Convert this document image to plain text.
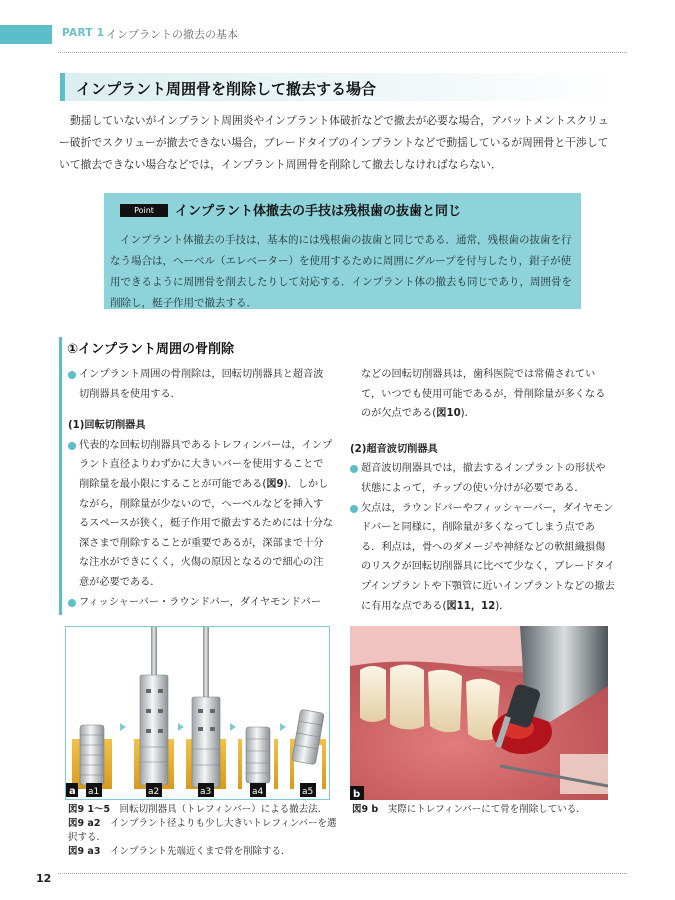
PART 1 インプラントの撤去の基本
インプラント周囲骨を削除して撤去する場合

動揺していないがインプラント周囲炎やインプラント体破折などで撤去が必要な場合，アバットメントスクリュー破折でスクリューが撤去できない場合，ブレードタイプのインプラントなどで動揺しているが周囲骨と干渉していて撤去できない場合などでは，インプラント周囲骨を削除して撤去しなければならない．

Point	インプラント体撤去の手技は残根歯の抜歯と同じ

インプラント体撤去の手技は，基本的には残根歯の抜歯と同じである．通常，残根歯の抜歯を行なう場合は，へーベル（エレベーター）を使用するために周囲にグループを付与したり，鉗子が使用できるように周囲骨を削去したりして対応する．インプラント体の撤去も同じであり，周囲骨を削除し，梃子作用で撤去する．

①インプラント周囲の骨削除
インプラント周囲の骨削除は，回転切削器具と超音波切削器具を使用する．
(1)回転切削器具
代表的な回転切削器具であるトレフィンバーは，インプラント直径よりわずかに大きいバーを使用することで削除量を最小限にすることが可能である(図9)．しかしながら，削除量が少ないので，へーベルなどを挿入するスペースが狭く，梃子作用で撤去するためには十分な深さまで削除することが重要であるが，深部まで十分な注水ができにくく，火傷の原因となるので細心の注意が必要である．
フィッシャーバー・ラウンドバー，ダイヤモンドバー
などの回転切削器具は，歯科医院では常備されていて，いつでも使用可能であるが，骨削除量が多くなるのが欠点である(図10)．
(2)超音波切削器具
超音波切削器具では，撤去するインプラントの形状や状態によって，チップの使い分けが必要である．
欠点は，ラウンドバーやフィッシャーバー，ダイヤモンドバーと同様に，削除量が多くなってしまう点である．利点は，骨へのダメージや神経などの軟組織損傷のリスクが回転切削器具に比べて少なく，ブレードタイプインプラントや下顎管に近いインプラントなどの撤去に有用な点である(図11，12)．
a a1	a2	a3	a4	a5	b
図9 1～5　 回転切削器具（トレフィンバー）による撤去法．
図9 a2　 インプラント径よりも少し大きいトレフィンバーを選択する．
図9 a3　 インプラント先端近くまで骨を削除する．
図9 b　 実際にトレフィンバーにて骨を削除している．
12
